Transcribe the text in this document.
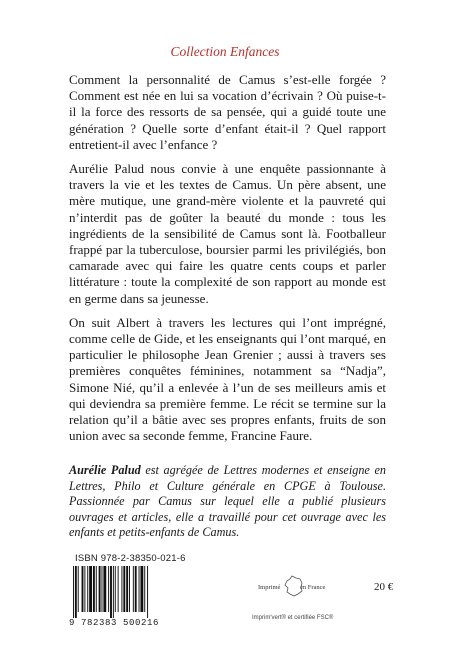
Collection Enfances

Comment la personnalité de Camus s’est-elle forgée ? Comment est née en lui sa vocation d’écrivain ? Où puise-t-il la force des ressorts de sa pensée, qui a guidé toute une génération ? Quelle sorte d’enfant était-il ? Quel rapport entretient-il avec l’enfance ?

Aurélie Palud nous convie à une enquête passionnante à travers la vie et les textes de Camus. Un père absent, une mère mutique, une grand-mère violente et la pauvreté qui n’interdit pas de goûter la beauté du monde : tous les ingrédients de la sensibilité de Camus sont là. Footballeur frappé par la tuberculose, boursier parmi les privilégiés, bon camarade avec qui faire les quatre cents coups et parler littérature : toute la complexité de son rapport au monde est en germe dans sa jeunesse.

On suit Albert à travers les lectures qui l’ont imprégné, comme celle de Gide, et les enseignants qui l’ont marqué, en particulier le philosophe Jean Grenier ; aussi à travers ses premières conquêtes féminines, notamment sa “Nadja”, Simone Nié, qu’il a enlevée à l’un de ses meilleurs amis et qui deviendra sa première femme. Le récit se termine sur la relation qu’il a bâtie avec ses propres enfants, fruits de son union avec sa seconde femme, Francine Faure.

Aurélie Palud est agrégée de Lettres modernes et enseigne en Lettres, Philo et Culture générale en CPGE à Toulouse. Passionnée par Camus sur lequel elle a publié plusieurs ouvrages et articles, elle a travaillé pour cet ouvrage avec les enfants et petits-enfants de Camus.
ISBN 978-2-38350-021-6
9 782383 500216
Imprimé	en France
Imprim'vert® et certifiée FSC®
20 €
